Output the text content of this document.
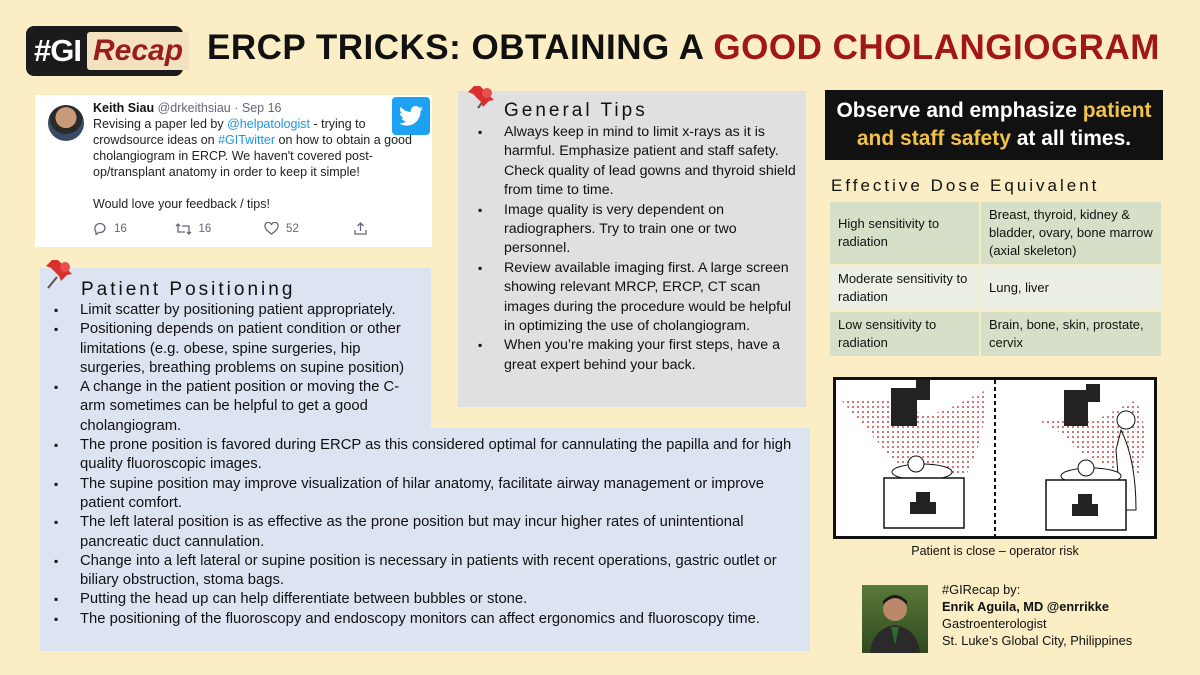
#GI Recap ERCP TRICKS: OBTAINING A GOOD CHOLANGIOGRAM
Keith Siau @drkeithsiau · Sep 16
Revising a paper led by @helpatologist - trying to crowdsource ideas on #GITwitter on how to obtain a good cholangiogram in ERCP. We haven't covered post-op/transplant anatomy in order to keep it simple!
Would love your feedback / tips!
16	16	52
General Tips
▪ Always keep in mind to limit x-rays as it is harmful. Emphasize patient and staff safety. Check quality of lead gowns and thyroid shield from time to time.
▪ Image quality is very dependent on radiographers. Try to train one or two personnel.
▪ Review available imaging first. A large screen showing relevant MRCP, ERCP, CT scan images during the procedure would be helpful in optimizing the use of cholangiogram.
▪ When you’re making your first steps, have a great expert behind your back.
Patient Positioning
▪ Limit scatter by positioning patient appropriately.
▪ Positioning depends on patient condition or other limitations (e.g. obese, spine surgeries, hip surgeries, breathing problems on supine position)
▪ A change in the patient position or moving the C-arm sometimes can be helpful to get a good cholangiogram.
▪ The prone position is favored during ERCP as this considered optimal for cannulating the papilla and for high quality fluoroscopic images.
▪ The supine position may improve visualization of hilar anatomy, facilitate airway management or improve patient comfort.
▪ The left lateral position is as effective as the prone position but may incur higher rates of unintentional pancreatic duct cannulation.
▪ Change into a left lateral or supine position is necessary in patients with recent operations, gastric outlet or biliary obstruction, stoma bags.
▪ Putting the head up can help differentiate between bubbles or stone.
▪ The positioning of the fluoroscopy and endoscopy monitors can affect ergonomics and fluoroscopy time.
Observe and emphasize patient and staff safety at all times.
Effective Dose Equivalent
High sensitivity to radiation	Breast, thyroid, kidney & bladder, ovary, bone marrow (axial skeleton)
Moderate sensitivity to radiation	Lung, liver
Low sensitivity to radiation	Brain, bone, skin, prostate, cervix
Patient is close – operator risk
#GIRecap by:
Enrik Aguila, MD @enrrikke
Gastroenterologist
St. Luke’s Global City, Philippines
